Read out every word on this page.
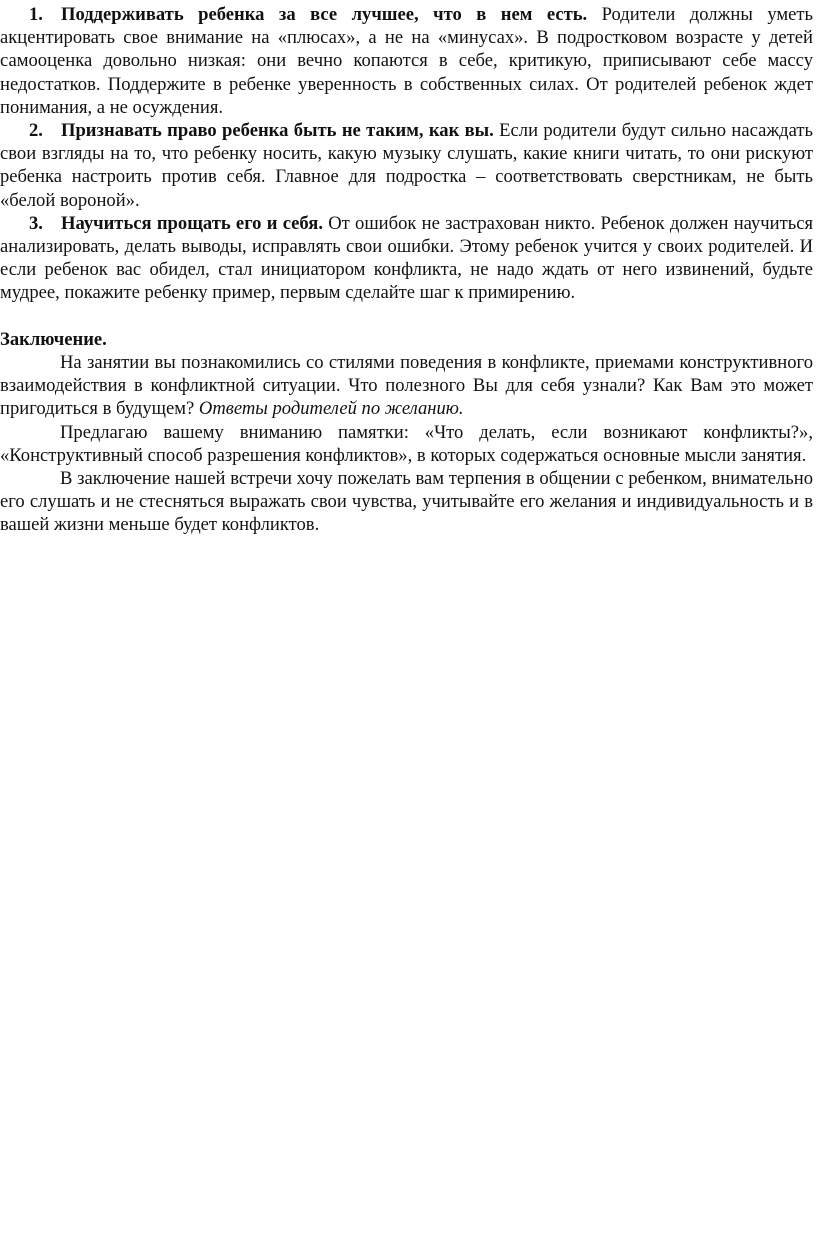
1. Поддерживать ребенка за все лучшее, что в нем есть. Родители должны уметь акцентировать свое внимание на «плюсах», а не на «минусах». В подростковом возрасте у детей самооценка довольно низкая: они вечно копаются в себе, критикую, приписывают себе массу недостатков. Поддержите в ребенке уверенность в собственных силах. От родителей ребенок ждет понимания, а не осуждения.

2. Признавать право ребенка быть не таким, как вы. Если родители будут сильно насаждать свои взгляды на то, что ребенку носить, какую музыку слушать, какие книги читать, то они рискуют ребенка настроить против себя. Главное для подростка – соответствовать сверстникам, не быть «белой вороной».

3. Научиться прощать его и себя. От ошибок не застрахован никто. Ребенок должен научиться анализировать, делать выводы, исправлять свои ошибки. Этому ребенок учится у своих родителей. И если ребенок вас обидел, стал инициатором конфликта, не надо ждать от него извинений, будьте мудрее, покажите ребенку пример, первым сделайте шаг к примирению.

Заключение.

На занятии вы познакомились со стилями поведения в конфликте, приемами конструктивного взаимодействия в конфликтной ситуации. Что полезного Вы для себя узнали? Как Вам это может пригодиться в будущем? Ответы родителей по желанию.

Предлагаю вашему вниманию памятки: «Что делать, если возникают конфликты?», «Конструктивный способ разрешения конфликтов», в которых содержаться основные мысли занятия.

В заключение нашей встречи хочу пожелать вам терпения в общении с ребенком, внимательно его слушать и не стесняться выражать свои чувства, учитывайте его желания и индивидуальность и в вашей жизни меньше будет конфликтов.
